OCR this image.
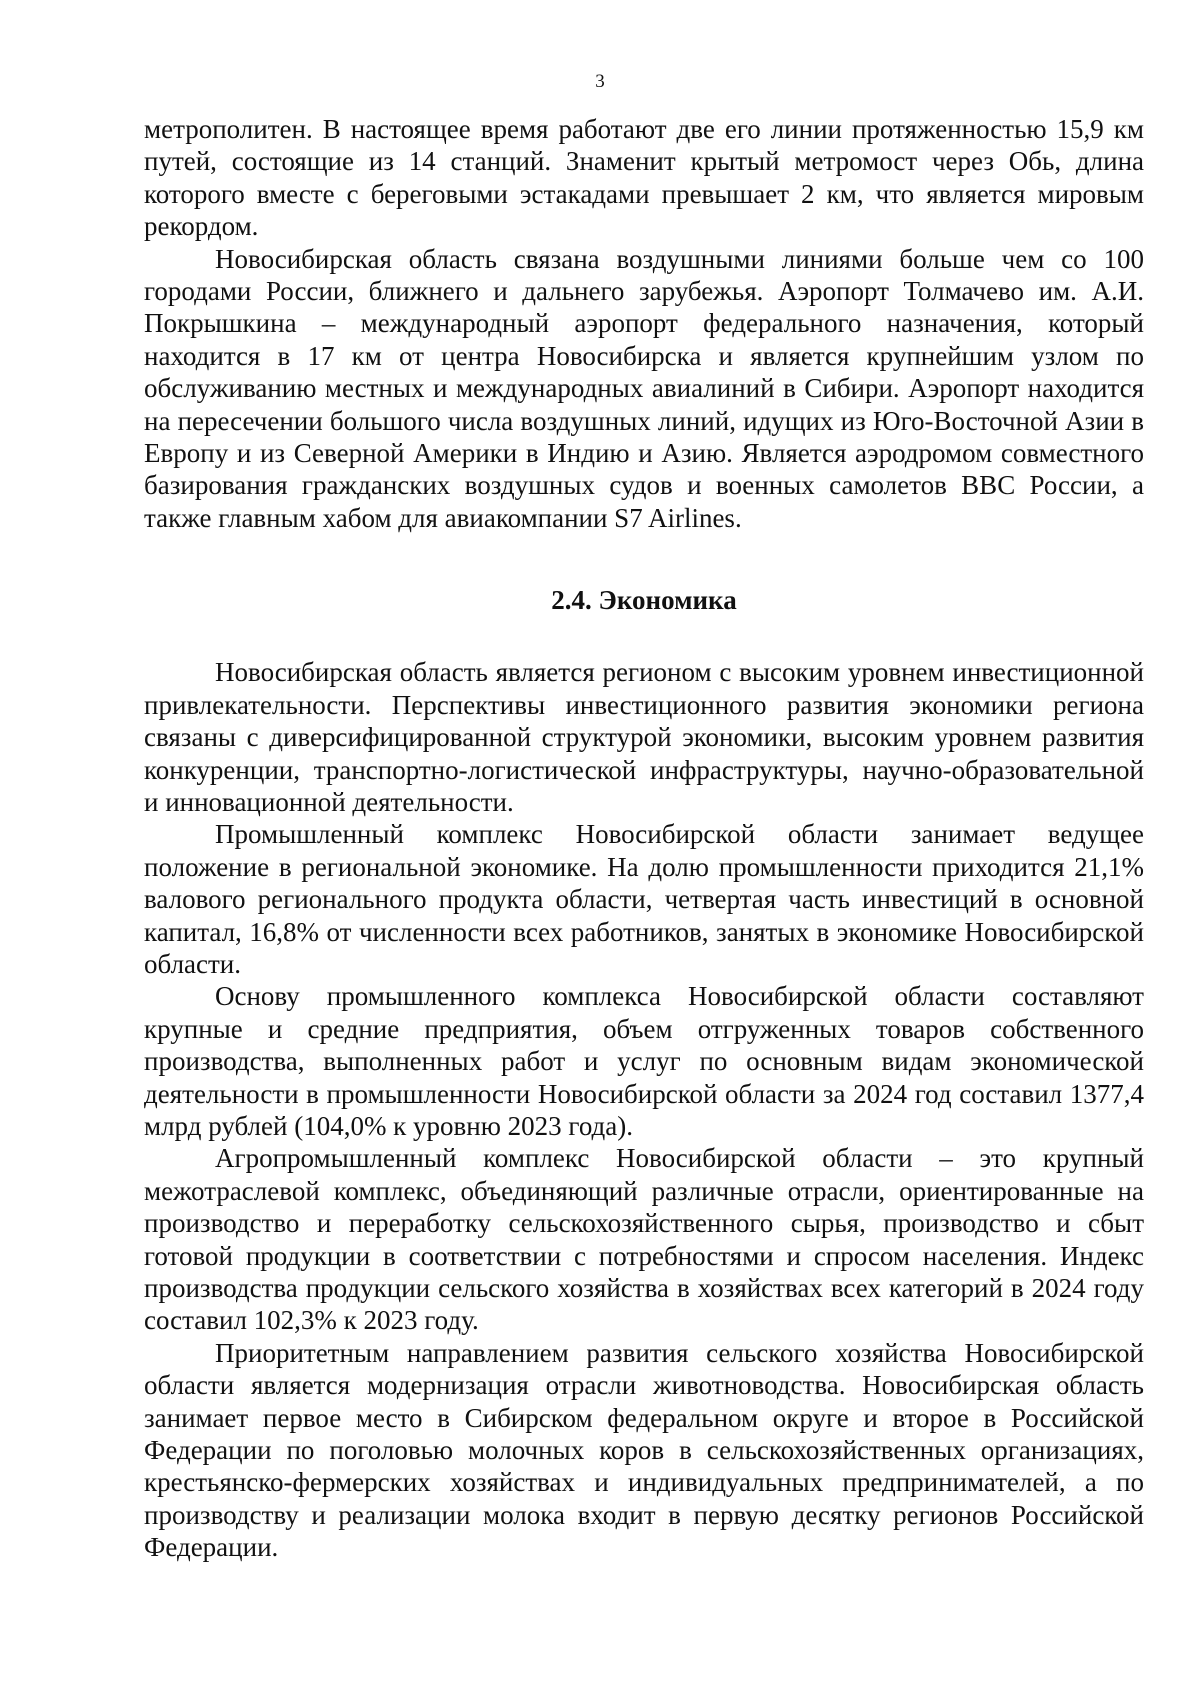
3

метрополитен. В настоящее время работают две его линии протяженностью 15,9 км путей, состоящие из 14 станций. Знаменит крытый метромост через Обь, длина которого вместе с береговыми эстакадами превышает 2 км, что является мировым рекордом.

Новосибирская область связана воздушными линиями больше чем со 100 городами России, ближнего и дальнего зарубежья. Аэропорт Толмачево им. А.И. Покрышкина – международный аэропорт федерального назначения, который находится в 17 км от центра Новосибирска и является крупнейшим узлом по обслуживанию местных и международных авиалиний в Сибири. Аэропорт находится на пересечении большого числа воздушных линий, идущих из Юго-Восточной Азии в Европу и из Северной Америки в Индию и Азию. Является аэродромом совместного базирования гражданских воздушных судов и военных самолетов ВВС России, а также главным хабом для авиакомпании S7 Airlines.

2.4. Экономика

Новосибирская область является регионом с высоким уровнем инвестиционной привлекательности. Перспективы инвестиционного развития экономики региона связаны с диверсифицированной структурой экономики, высоким уровнем развития конкуренции, транспортно-логистической инфраструктуры, научно-образовательной и инновационной деятельности.

Промышленный комплекс Новосибирской области занимает ведущее положение в региональной экономике. На долю промышленности приходится 21,1% валового регионального продукта области, четвертая часть инвестиций в основной капитал, 16,8% от численности всех работников, занятых в экономике Новосибирской области.

Основу промышленного комплекса Новосибирской области составляют крупные и средние предприятия, объем отгруженных товаров собственного производства, выполненных работ и услуг по основным видам экономической деятельности в промышленности Новосибирской области за 2024 год составил 1377,4 млрд рублей (104,0% к уровню 2023 года).

Агропромышленный комплекс Новосибирской области – это крупный межотраслевой комплекс, объединяющий различные отрасли, ориентированные на производство и переработку сельскохозяйственного сырья, производство и сбыт готовой продукции в соответствии с потребностями и спросом населения. Индекс производства продукции сельского хозяйства в хозяйствах всех категорий в 2024 году составил 102,3% к 2023 году.

Приоритетным направлением развития сельского хозяйства Новосибирской области является модернизация отрасли животноводства. Новосибирская область занимает первое место в Сибирском федеральном округе и второе в Российской Федерации по поголовью молочных коров в сельскохозяйственных организациях, крестьянско-фермерских хозяйствах и индивидуальных предпринимателей, а по производству и реализации молока входит в первую десятку регионов Российской Федерации.
